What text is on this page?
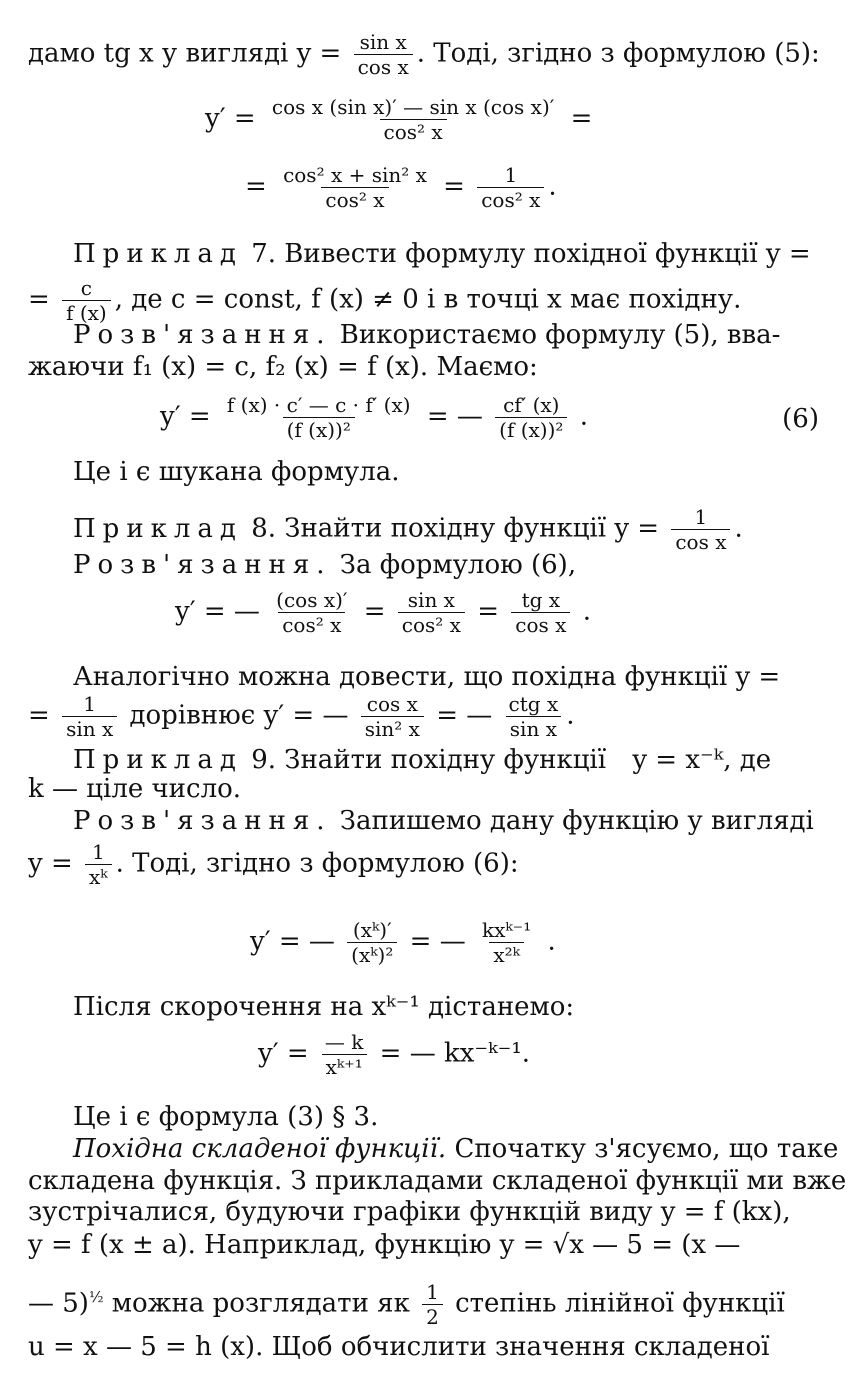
дамо tg x у вигляді $y = \frac{\text{sin x}}{\text{cos x}}$ . Тоді, згідно з формулою (5):
$y' = \frac{\text{cos x (sin x)′ — sin x (cos x)′}}{\text{cos² x}}$ =
= $\frac{\text{cos² x + sin² x}}{\text{cos² x}} = \frac{1}{\text{cos² x}}$ .
Приклад 7. Вивести формулу похідної функції y =
= $\frac{c}{f (x)}$ , де c = const, f (x) ≠ 0 і в точці x має похідну.
Розв'язання. Використаємо формулу (5), вва-
жаючи f₁ (x) = c, f₂ (x) = f (x). Маємо:
$y' = \frac{f (x) \cdot c' — c \cdot f' (x)}{\text{(f (x))²}}$ = — $\frac{cf' (x)}{\text{(f (x))²}}$ .	(6)
Це і є шукана формула.
Приклад 8. Знайти похідну функції $y = \frac{1}{\text{cos x}}$ .
Розв'язання. За формулою (6),
y′ = — $\frac{\text{(cos x)′}}{\text{cos² x}} = \frac{\text{sin x}}{\text{cos² x}} = \frac{\text{tg x}}{\text{cos x}}$ .
Аналогічно можна довести, що похідна функції y =
= $\frac{1}{\text{sin x}}$ дорівнює y′ = — $\frac{\text{cos x}}{\text{sin² x}}$ = — ctg x
sin x .
Приклад 9. Знайти похідну функції y = x⁻ᵏ, де
k — ціле число.
Розв'язання. Запишемо дану функцію у вигляді
$y = \frac{1}{\text{xᵏ}}$ . Тоді, згідно з формулою (6):
y′ = — $\frac{\text{(xᵏ)′}}{\text{(xᵏ)²}}$ = — kxᵏ⁻¹
x²ᵏ .
Після скорочення на xᵏ⁻¹ дістанемо:
$y' = \frac{— k}{\text{xᵏ⁺¹}}$ = — kx⁻ᵏ⁻¹.
Це і є формула (3) § 3.
Похідна складеної функції. Спочатку з'ясуємо, що таке
складена функція. З прикладами складеної функції ми вже
зустрічалися, будуючи графіки функцій виду y = f (kx),
y = f (x ± a). Наприклад, функцію y = √x — 5 = (x —
— 5)$^{\frac{1}{2}}$ можна розглядати як $\frac{1}{2}$ степінь лінійної функції
u = x — 5 = h (x). Щоб обчислити значення складеної
